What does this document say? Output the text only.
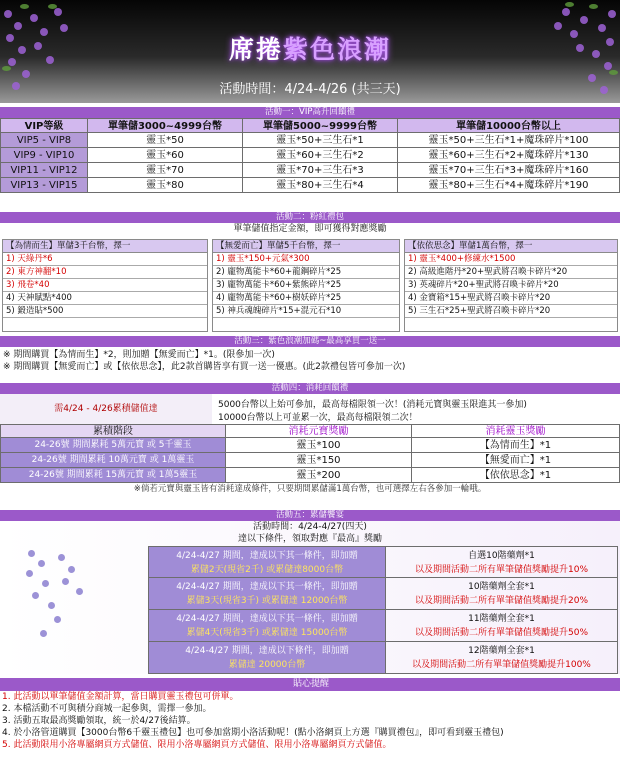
席捲紫色浪潮
活動時間：4/24-4/26 (共三天)
活動一：VIP高升回饋禮
VIP等級	單筆儲3000~4999台幣	單筆儲5000~9999台幣	單筆儲10000台幣以上
VIP5 - VIP8	靈玉*50	靈玉*50+三生石*1	靈玉*50+三生石*1+魔珠碎片*100
VIP9 - VIP10	靈玉*60	靈玉*60+三生石*2	靈玉*60+三生石*2+魔珠碎片*130
VIP11 - VIP12	靈玉*70	靈玉*70+三生石*3	靈玉*70+三生石*3+魔珠碎片*160
VIP13 - VIP15	靈玉*80	靈玉*80+三生石*4	靈玉*80+三生石*4+魔珠碎片*190
活動二：粉紅禮包
單筆儲值指定金額，即可獲得對應獎勵
【為情而生】單儲3千台幣，擇一
1) 天綠丹*6
2) 東方神翻*10
3) 飛卷*40
4) 天神賦點*400
5) 鍛造貼*500
【無愛而亡】單儲5千台幣，擇一
1) 靈玉*150+元氣*300
2) 龐物萬能卡*60+龍鋼碎片*25
3) 龐物萬能卡*60+紫熊碎片*25
4) 龐物萬能卡*60+樹妖碎片*25
5) 神兵魂魄碎片*15+混元石*10
【依依思念】單儲1萬台幣，擇一
1) 靈玉*400+修練水*1500
2) 高級進階丹*20+聖武將召喚卡碎片*20
3) 英魂碎片*20+聖武將召喚卡碎片*20
4) 金寶箱*15+聖武將召喚卡碎片*20
5) 三生石*25+聖武將召喚卡碎片*20
活動三：紫色浪潮加碼~最高享買一送一
※ 期間購買【為情而生】*2，則加贈【無愛而亡】*1。(限參加一次)
※ 期間購買【無愛而亡】或【依依思念】，此2款首購皆享有買一送一優惠。(此2款禮包皆可參加一次)
活動四：消耗回饋禮
需4/24 - 4/26累積儲值達	5000台幣以上始可參加，最高每檔限領一次！(消耗元寶與靈玉限進其一參加)
10000台幣以上可並累一次，最高每檔限領二次！
累積階段	消耗元寶獎勵	消耗靈玉獎勵
24-26號 期間累耗 5萬元寶 或 5千靈玉	靈玉*100	【為情而生】*1
24-26號 期間累耗 10萬元寶 或 1萬靈玉	靈玉*150	【無愛而亡】*1
24-26號 期間累耗 15萬元寶 或 1萬5靈玉	靈玉*200	【依依思念】*1
※倘若元寶與靈玉皆有消耗達成條件，只要期間累儲滿1萬台幣，也可選擇左右各參加一輪哦。
活動五：累儲饗宴
活動時間：4/24-4/27(四天)
達以下條件，領取對應『最高』獎勵
4/24-4/27 期間，達成以下其一條件，即加贈
累儲2天(現省2千) 或累儲達8000台幣
自選10階藥劑*1
以及期間活動二所有單筆儲值獎勵提升10%
4/24-4/27 期間，達成以下其一條件，即加贈
累儲3天(現省3千) 或累儲達 12000台幣
10階藥劑全套*1
以及期間活動二所有單筆儲值獎勵提升20%
4/24-4/27 期間，達成以下其一條件，即加贈
累儲4天(現省3千) 或累儲達 15000台幣
11階藥劑全套*1
以及期間活動二所有單筆儲值獎勵提升50%
4/24-4/27 期間，達成以下條件，即加贈
累儲達 20000台幣
12階藥劑全套*1
以及期間活動二所有單筆儲值獎勵提升100%
貼心提醒
1. 此活動以單筆儲值金額計算，當日購買靈玉禮包可併單。
2. 本檔活動不可與積分商城一起參與，需擇一參加。
3. 活動五取最高獎勵領取，統一於4/27後結算。
4. 於小洛管道購買【3000台幣6千靈玉禮包】也可參加當期小洛活動呢！(點小洛網頁上方選『購買禮包』，即可看到靈玉禮包)
5. 此活動限用小洛專屬網頁方式儲值、限用小洛專屬網頁方式儲值、限用小洛專屬網頁方式儲值。
